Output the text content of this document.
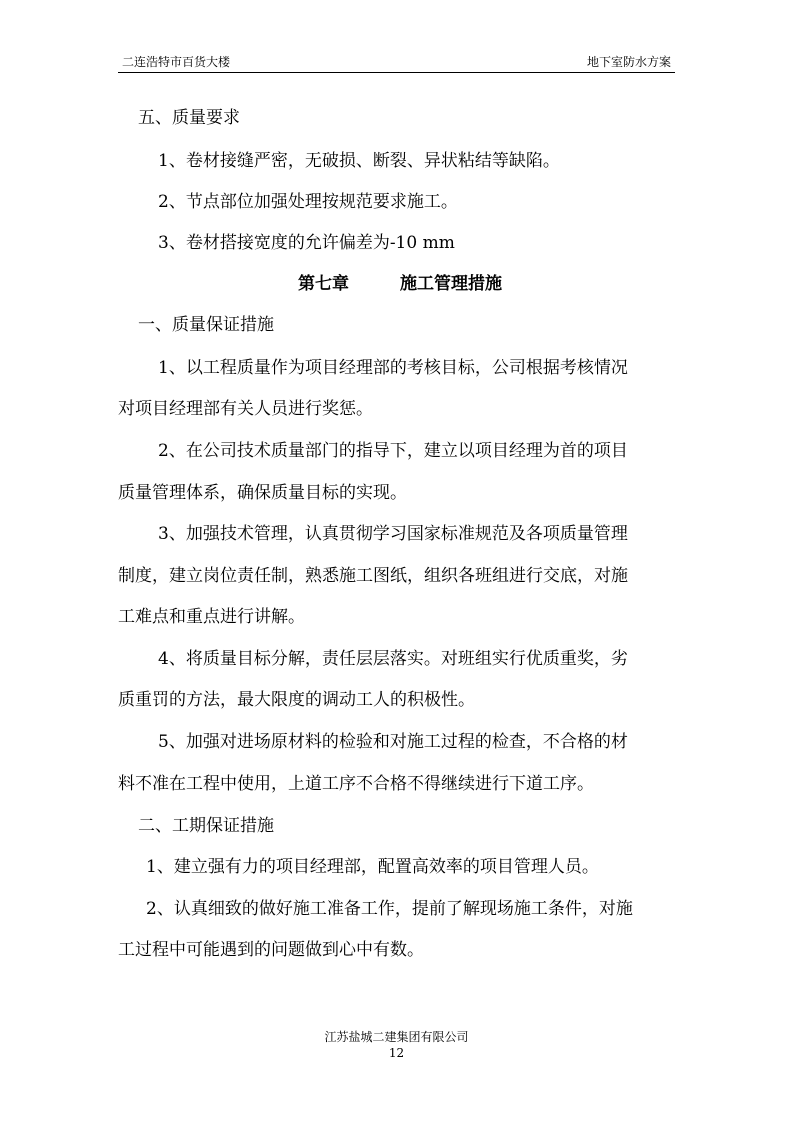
二连浩特市百货大楼	地下室防水方案
五、质量要求
1、卷材接缝严密，无破损、断裂、异状粘结等缺陷。
2、节点部位加强处理按规范要求施工。
3、卷材搭接宽度的允许偏差为-10 mm
第七章	施工管理措施
一、质量保证措施
1、以工程质量作为项目经理部的考核目标，公司根据考核情况
对项目经理部有关人员进行奖惩。
2、在公司技术质量部门的指导下，建立以项目经理为首的项目
质量管理体系，确保质量目标的实现。
3、加强技术管理，认真贯彻学习国家标准规范及各项质量管理
制度，建立岗位责任制，熟悉施工图纸，组织各班组进行交底，对施
工难点和重点进行讲解。
4、将质量目标分解，责任层层落实。对班组实行优质重奖，劣
质重罚的方法，最大限度的调动工人的积极性。
5、加强对进场原材料的检验和对施工过程的检查，不合格的材
料不准在工程中使用，上道工序不合格不得继续进行下道工序。
二、工期保证措施
1、建立强有力的项目经理部，配置高效率的项目管理人员。
2、认真细致的做好施工准备工作，提前了解现场施工条件，对施
工过程中可能遇到的问题做到心中有数。
江苏盐城二建集团有限公司
12
